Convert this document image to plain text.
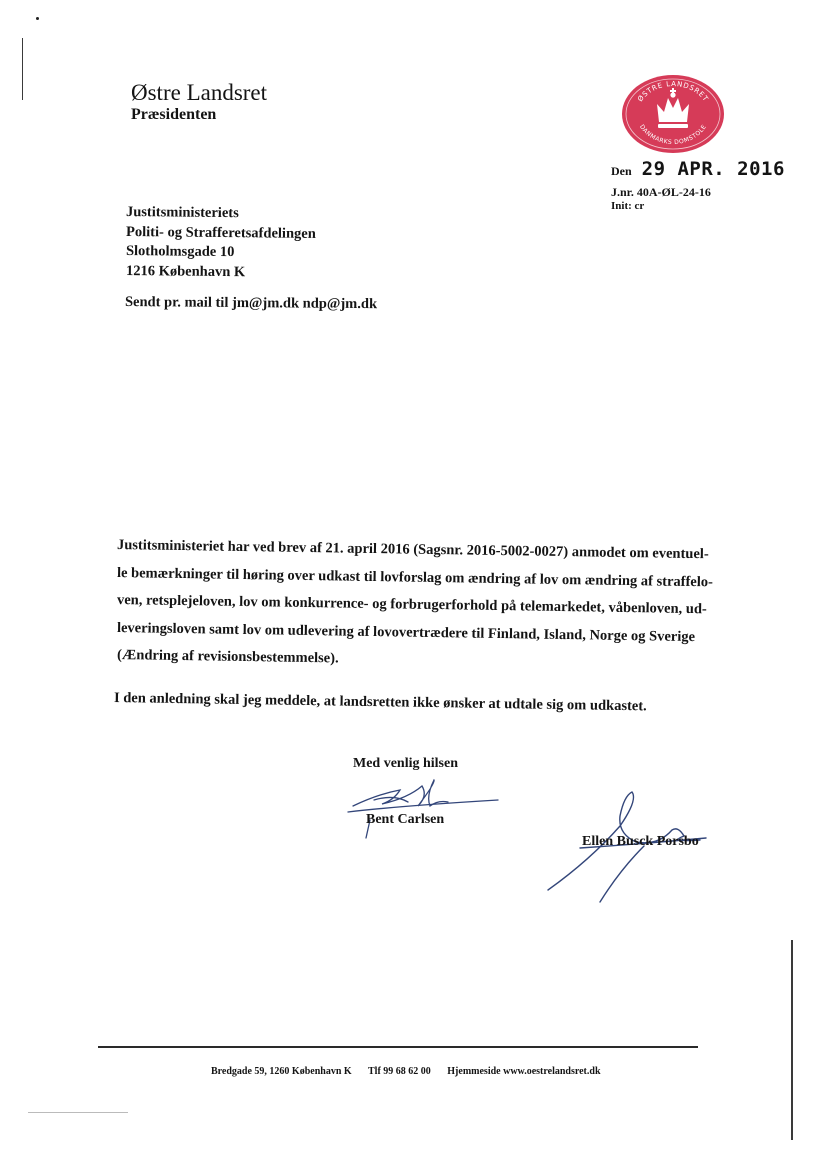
Østre Landsret
Præsidenten
ØSTRE LANDSRET
DANMARKS DOMSTOLE
Den 29 APR. 2016
J.nr. 40A-ØL-24-16
Init: cr
Justitsministeriets
Politi- og Strafferetsafdelingen
Slotholmsgade 10
1216 København K
Sendt pr. mail til jm@jm.dk ndp@jm.dk
Justitsministeriet har ved brev af 21. april 2016 (Sagsnr. 2016-5002-0027) anmodet om eventuel-
le bemærkninger til høring over udkast til lovforslag om ændring af lov om ændring af straffelo-
ven, retsplejeloven, lov om konkurrence- og forbrugerforhold på telemarkedet, våbenloven, ud-
leveringsloven samt lov om udlevering af lovovertrædere til Finland, Island, Norge og Sverige
(Ændring af revisionsbestemmelse).
I den anledning skal jeg meddele, at landsretten ikke ønsker at udtale sig om udkastet.
Med venlig hilsen
Bent Carlsen
Ellen Busck Porsbo
Bredgade 59, 1260 København K Tlf 99 68 62 00 Hjemmeside www.oestrelandsret.dk
